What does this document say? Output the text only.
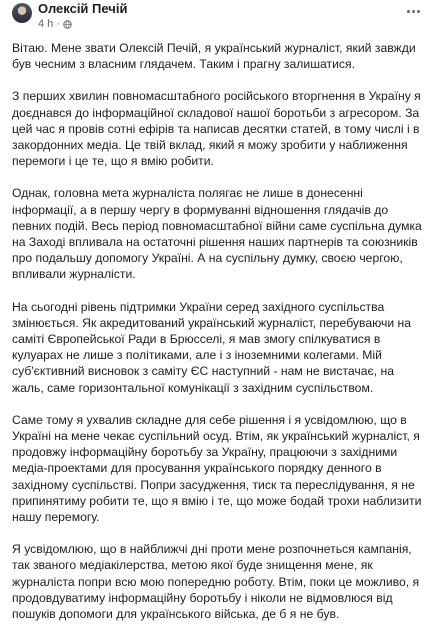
Олексій Печій
4 h ·

Вітаю. Мене звати Олексій Печій, я український журналіст, який завжди був чесним з власним глядачем. Таким і прагну залишатися.

З перших хвилин повномасштабного російського вторгнення в Україну я доєднався до інформаційної складової нашої боротьби з агресором. За цей час я провів сотні ефірів та написав десятки статей, в тому числі і в закордонних медіа. Це твій вклад, який я можу зробити у наближення перемоги і це те, що я вмію робити.

Однак, головна мета журналіста полягає не лише в донесенні інформації, а в першу чергу в формуванні відношення глядачів до певних подій. Весь період повномасштабної війни саме суспільна думка на Заході впливала на остаточні рішення наших партнерів та союзників про подальшу допомогу Україні. А на суспільну думку, своєю чергою, впливали журналісти.

На сьогодні рівень підтримки України серед західного суспільства змінюється. Як акредитований український журналіст, перебуваючи на саміті Європейської Ради в Брюсселі, я мав змогу спілкуватися в кулуарах не лише з політиками, але і з іноземними колегами. Мій суб'єктивний висновок з саміту ЄС наступний - нам не вистачає, на жаль, саме горизонтальної комунікації з західним суспільством.

Саме тому я ухвалив складне для себе рішення і я усвідомлюю, що в Україні на мене чекає суспільний осуд. Втім, як український журналіст, я продовжу інформаційну боротьбу за Україну, працюючи з західними медіа-проектами для просування українського порядку денного в західному суспільстві. Попри засудження, тиск та переслідування, я не припинятиму робити те, що я вмію і те, що може бодай трохи наблизити нашу перемогу.

Я усвідомлюю, що в найближчі дні проти мене розпочнеться кампанія, так званого медіакілерства, метою якої буде знищення мене, як журналіста попри всю мою попередню роботу. Втім, поки це можливо, я продовдуватиму інформаційну боротьбу і ніколи не відмовлюся від пошуків допомоги для українського війська, де б я не був.
